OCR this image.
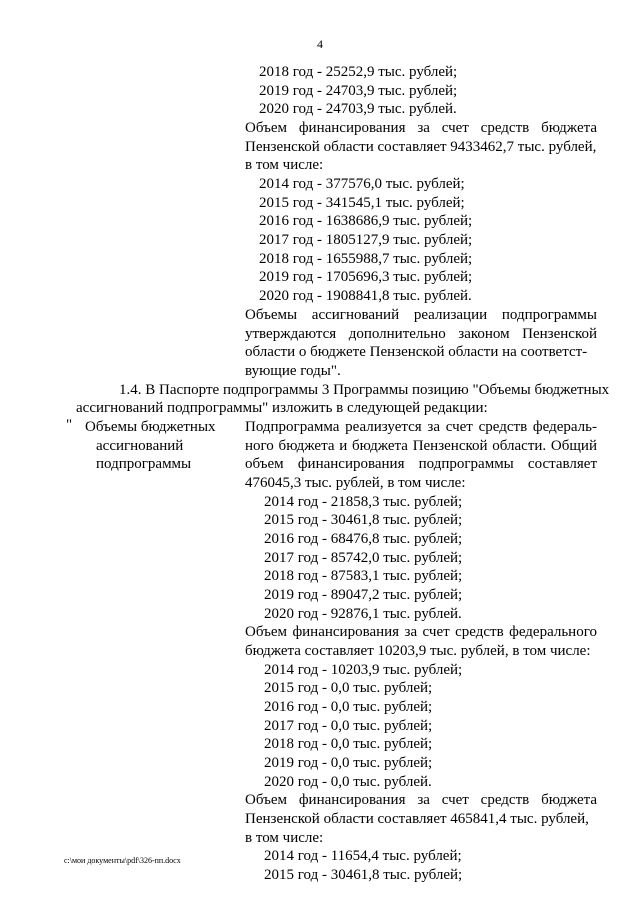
4
2018 год - 25252,9 тыс. рублей;
2019 год - 24703,9 тыс. рублей;
2020 год - 24703,9 тыс. рублей.
Объем финансирования за счет средств бюджета
Пензенской области составляет 9433462,7 тыс. рублей,
в том числе:
2014 год - 377576,0 тыс. рублей;
2015 год - 341545,1 тыс. рублей;
2016 год - 1638686,9 тыс. рублей;
2017 год - 1805127,9 тыс. рублей;
2018 год - 1655988,7 тыс. рублей;
2019 год - 1705696,3 тыс. рублей;
2020 год - 1908841,8 тыс. рублей.
Объемы ассигнований реализации подпрограммы
утверждаются дополнительно законом Пензенской
области о бюджете Пензенской области на соответст-
вующие годы".
1.4. В Паспорте подпрограммы 3 Программы позицию "Объемы бюджетных
ассигнований подпрограммы" изложить в следующей редакции:
" Объемы бюджетных
ассигнований
подпрограммы
Подпрограмма реализуется за счет средств федераль-
ного бюджета и бюджета Пензенской области. Общий
объем финансирования подпрограммы составляет
476045,3 тыс. рублей, в том числе:
2014 год - 21858,3 тыс. рублей;
2015 год - 30461,8 тыс. рублей;
2016 год - 68476,8 тыс. рублей;
2017 год - 85742,0 тыс. рублей;
2018 год - 87583,1 тыс. рублей;
2019 год - 89047,2 тыс. рублей;
2020 год - 92876,1 тыс. рублей.
Объем финансирования за счет средств федерального
бюджета составляет 10203,9 тыс. рублей, в том числе:
2014 год - 10203,9 тыс. рублей;
2015 год - 0,0 тыс. рублей;
2016 год - 0,0 тыс. рублей;
2017 год - 0,0 тыс. рублей;
2018 год - 0,0 тыс. рублей;
2019 год - 0,0 тыс. рублей;
2020 год - 0,0 тыс. рублей.
Объем финансирования за счет средств бюджета
Пензенской области составляет 465841,4 тыс. рублей,
в том числе:
2014 год - 11654,4 тыс. рублей;
2015 год - 30461,8 тыс. рублей;
c:\мои документы\pdf\326-пп.docx
